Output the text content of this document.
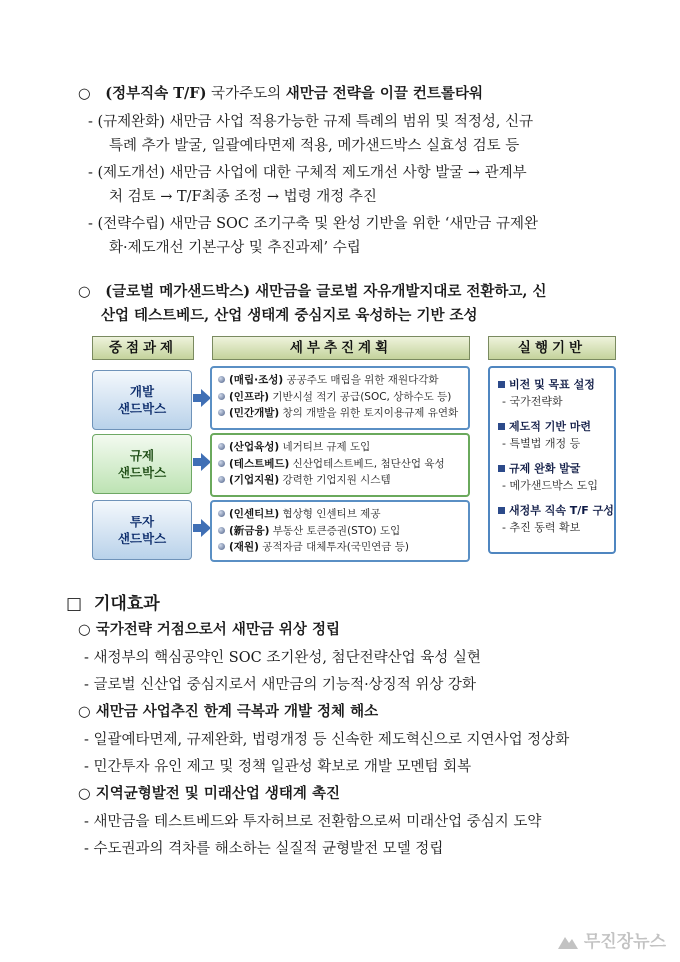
○ (정부직속 T/F) 국가주도의 새만금 전략을 이끌 컨트롤타워
- (규제완화) 새만금 사업 적용가능한 규제 특례의 범위 및 적정성, 신규
특례 추가 발굴, 일괄예타면제 적용, 메가샌드박스 실효성 검토 등
- (제도개선) 새만금 사업에 대한 구체적 제도개선 사항 발굴 → 관계부
처 검토 → T/F최종 조정 → 법령 개정 추진
- (전략수립) 새만금 SOC 조기구축 및 완성 기반을 위한 ‘새만금 규제완
화·제도개선 기본구상 및 추진과제’ 수립
○ (글로벌 메가샌드박스) 새만금을 글로벌 자유개발지대로 전환하고, 신
산업 테스트베드, 산업 생태계 중심지로 육성하는 기반 조성
중점과제	세부추진계획	실행기반
개발
샌드박스
(매립·조성) 공공주도 매립을 위한 재원다각화
(인프라) 기반시설 적기 공급(SOC, 상하수도 등)
(민간개발) 창의 개발을 위한 토지이용규제 유연화
규제
샌드박스
(산업육성) 네거티브 규제 도입
(테스트베드) 신산업테스트베드, 첨단산업 육성
(기업지원) 강력한 기업지원 시스템
투자
샌드박스
(인센티브) 협상형 인센티브 제공
(新금융) 부동산 토큰증권(STO) 도입
(재원) 공적자금 대체투자(국민연금 등)
비전 및 목표 설정
- 국가전략화
제도적 기반 마련
- 특별법 개정 등
규제 완화 발굴
- 메가샌드박스 도입
새정부 직속 T/F 구성
- 추진 동력 확보
□ 기대효과
○ 국가전략 거점으로서 새만금 위상 정립
- 새정부의 핵심공약인 SOC 조기완성, 첨단전략산업 육성 실현
- 글로벌 신산업 중심지로서 새만금의 기능적·상징적 위상 강화
○ 새만금 사업추진 한계 극복과 개발 정체 해소
- 일괄예타면제, 규제완화, 법령개정 등 신속한 제도혁신으로 지연사업 정상화
- 민간투자 유인 제고 및 정책 일관성 확보로 개발 모멘텀 회복
○ 지역균형발전 및 미래산업 생태계 촉진
- 새만금을 테스트베드와 투자허브로 전환함으로써 미래산업 중심지 도약
- 수도권과의 격차를 해소하는 실질적 균형발전 모델 정립
무진장뉴스
